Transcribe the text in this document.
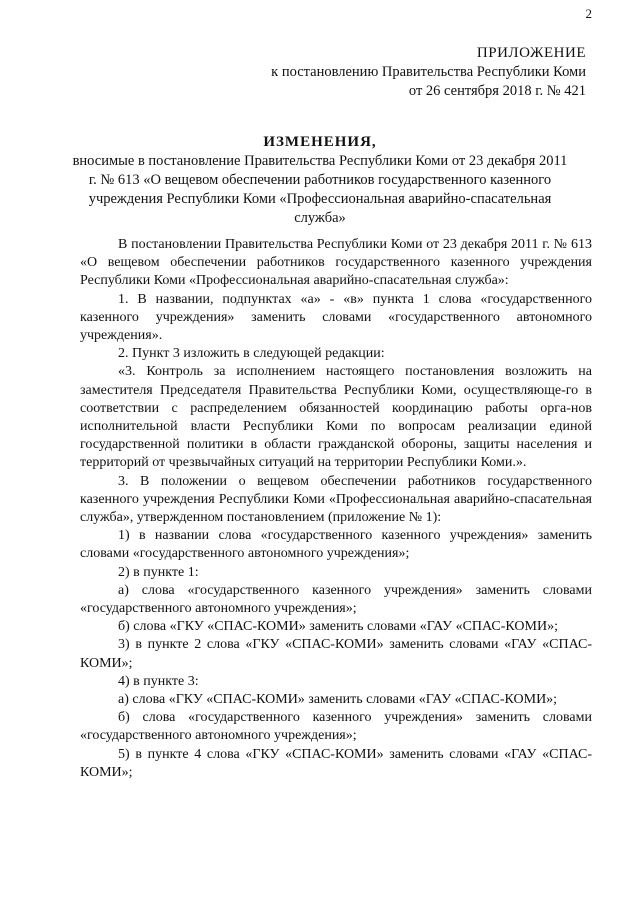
2
ПРИЛОЖЕНИЕ
к постановлению Правительства Республики Коми
от 26 сентября 2018 г. № 421
ИЗМЕНЕНИЯ,
вносимые в постановление Правительства Республики Коми от 23 декабря 2011 г. № 613 «О вещевом обеспечении работников государственного казенного учреждения Республики Коми «Профессиональная аварийно-спасательная служба»

В постановлении Правительства Республики Коми от 23 декабря 2011 г. № 613 «О вещевом обеспечении работников государственного казенного учреждения Республики Коми «Профессиональная аварийно-спасательная служба»:

1. В названии, подпунктах «а» - «в» пункта 1 слова «государственного казенного учреждения» заменить словами «государственного автономного учреждения».

2. Пункт 3 изложить в следующей редакции:

«3. Контроль за исполнением настоящего постановления возложить на заместителя Председателя Правительства Республики Коми, осуществляюще-го в соответствии с распределением обязанностей координацию работы орга-нов исполнительной власти Республики Коми по вопросам реализации единой государственной политики в области гражданской обороны, защиты населения и территорий от чрезвычайных ситуаций на территории Республики Коми.».

3. В положении о вещевом обеспечении работников государственного казенного учреждения Республики Коми «Профессиональная аварийно-спасательная служба», утвержденном постановлением (приложение № 1):

1) в названии слова «государственного казенного учреждения» заменить словами «государственного автономного учреждения»;

2) в пункте 1:

а) слова «государственного казенного учреждения» заменить словами «государственного автономного учреждения»;

б) слова «ГКУ «СПАС-КОМИ» заменить словами «ГАУ «СПАС-КОМИ»;

3) в пункте 2 слова «ГКУ «СПАС-КОМИ» заменить словами «ГАУ «СПАС-КОМИ»;

4) в пункте 3:

а) слова «ГКУ «СПАС-КОМИ» заменить словами «ГАУ «СПАС-КОМИ»;

б) слова «государственного казенного учреждения» заменить словами «государственного автономного учреждения»;

5) в пункте 4 слова «ГКУ «СПАС-КОМИ» заменить словами «ГАУ «СПАС-КОМИ»;
